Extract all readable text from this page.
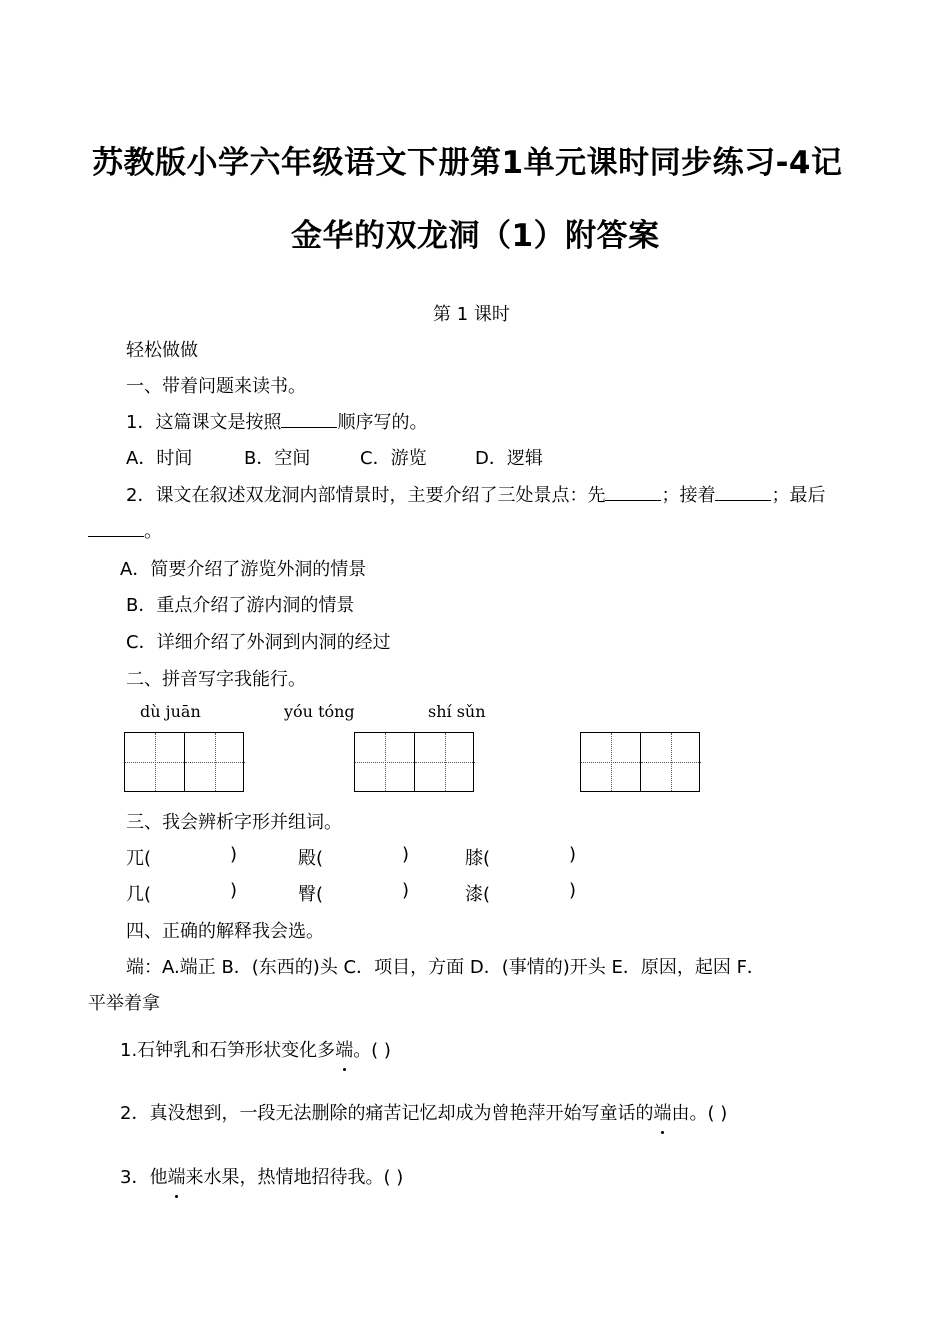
苏教版小学六年级语文下册第1单元课时同步练习-4记
金华的双龙洞（1）附答案
第 1 课时
轻松做做
一、带着问题来读书。
1．这篇课文是按照	顺序写的。
A．时间	B．空间	C．游览	D．逻辑
2．课文在叙述双龙洞内部情景时，主要介绍了三处景点：先	；接着	；最后
。
A．简要介绍了游览外洞的情景
B．重点介绍了游内洞的情景
C．详细介绍了外洞到内洞的经过
二、拼音写字我能行。
dù juān	yóu tóng	shí sǔn
三、我会辨析字形并组词。
兀(	)	殿(	)	膝(	)
几(	)	臀(	)	漆(	)
四、正确的解释我会选。
端：A.端正 B．(东西的)头 C．项目，方面 D．(事情的)开头 E．原因，起因 F．
平举着拿
1.石钟乳和石笋形状变化多端。( )
2．真没想到，一段无法删除的痛苦记忆却成为曾艳萍开始写童话的端由。( )
3．他端来水果，热情地招待我。( )
